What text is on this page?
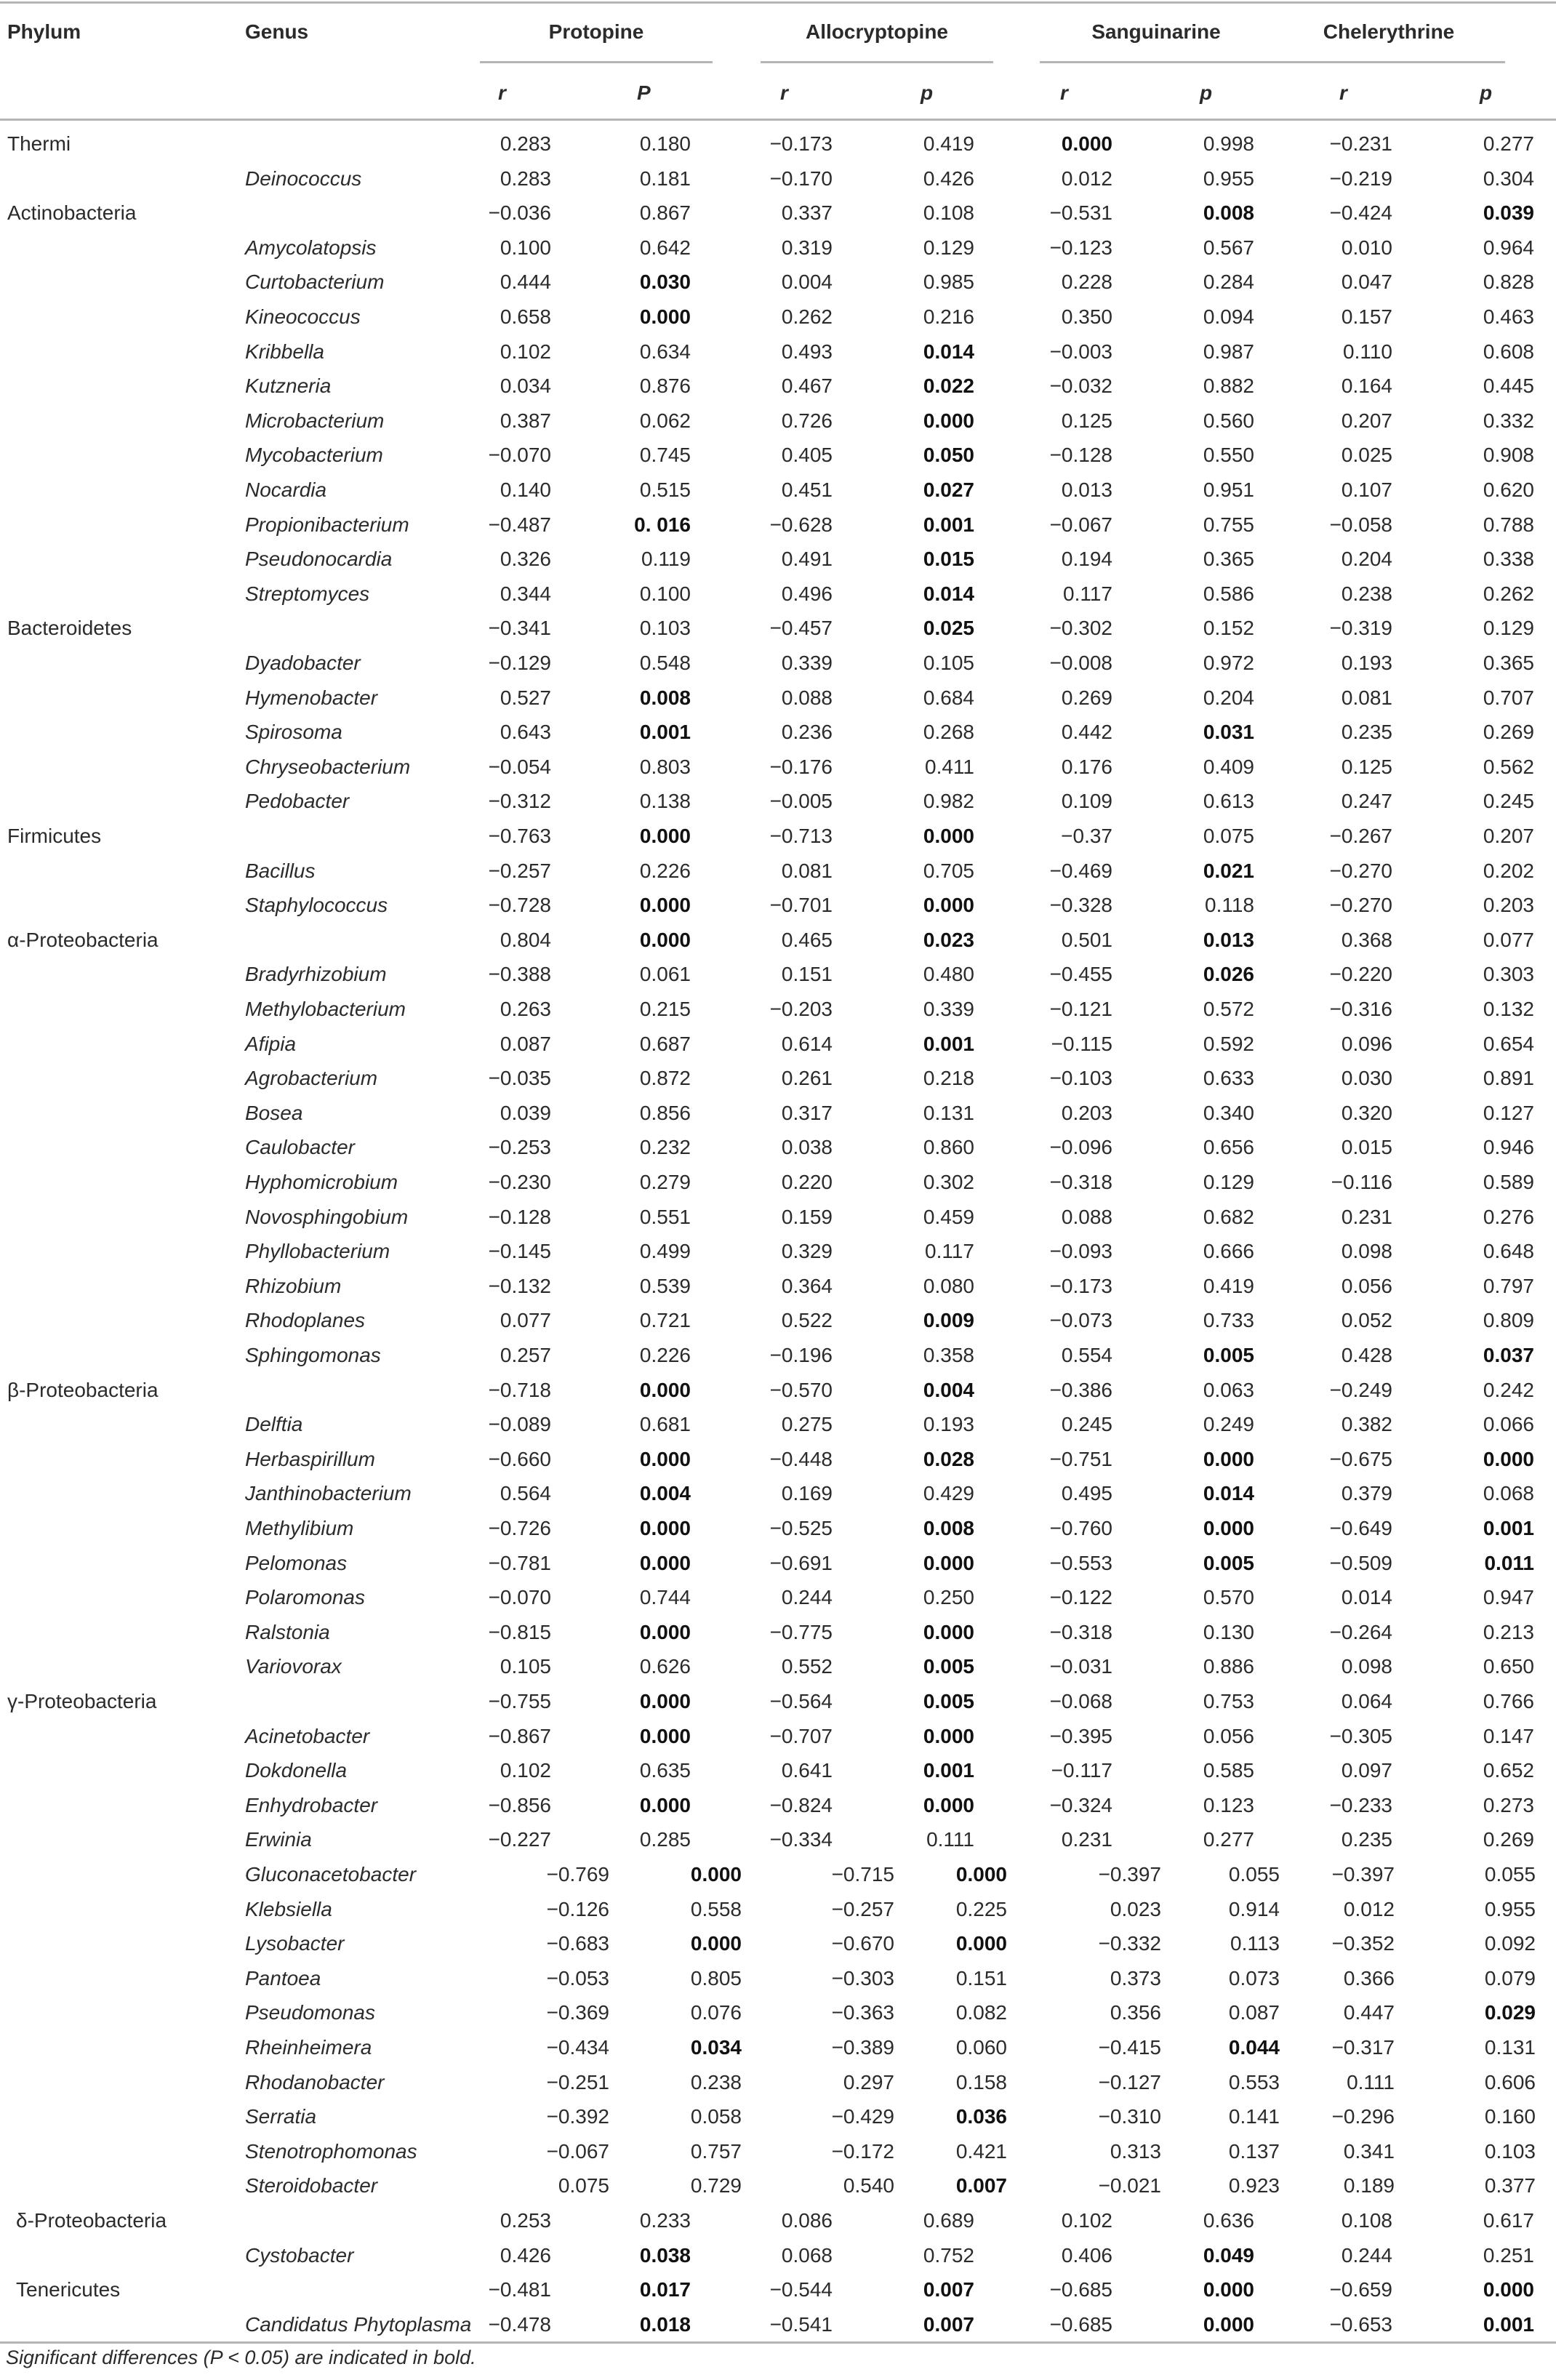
Phylum	Genus	Protopine	Allocryptopine	Sanguinarine	Chelerythrine
r	P	r	p	r	p	r	p
Thermi	0.283	0.180	−0.173	0.419	0.000	0.998	−0.231	0.277
Deinococcus	0.283	0.181	−0.170	0.426	0.012	0.955	−0.219	0.304
Actinobacteria	−0.036	0.867	0.337	0.108	−0.531	0.008	−0.424	0.039
Amycolatopsis	0.100	0.642	0.319	0.129	−0.123	0.567	0.010	0.964
Curtobacterium	0.444	0.030	0.004	0.985	0.228	0.284	0.047	0.828
Kineococcus	0.658	0.000	0.262	0.216	0.350	0.094	0.157	0.463
Kribbella	0.102	0.634	0.493	0.014	−0.003	0.987	0.110	0.608
Kutzneria	0.034	0.876	0.467	0.022	−0.032	0.882	0.164	0.445
Microbacterium	0.387	0.062	0.726	0.000	0.125	0.560	0.207	0.332
Mycobacterium	−0.070	0.745	0.405	0.050	−0.128	0.550	0.025	0.908
Nocardia	0.140	0.515	0.451	0.027	0.013	0.951	0.107	0.620
Propionibacterium	−0.487	0. 016	−0.628	0.001	−0.067	0.755	−0.058	0.788
Pseudonocardia	0.326	0.119	0.491	0.015	0.194	0.365	0.204	0.338
Streptomyces	0.344	0.100	0.496	0.014	0.117	0.586	0.238	0.262
Bacteroidetes	−0.341	0.103	−0.457	0.025	−0.302	0.152	−0.319	0.129
Dyadobacter	−0.129	0.548	0.339	0.105	−0.008	0.972	0.193	0.365
Hymenobacter	0.527	0.008	0.088	0.684	0.269	0.204	0.081	0.707
Spirosoma	0.643	0.001	0.236	0.268	0.442	0.031	0.235	0.269
Chryseobacterium	−0.054	0.803	−0.176	0.411	0.176	0.409	0.125	0.562
Pedobacter	−0.312	0.138	−0.005	0.982	0.109	0.613	0.247	0.245
Firmicutes	−0.763	0.000	−0.713	0.000	−0.37	0.075	−0.267	0.207
Bacillus	−0.257	0.226	0.081	0.705	−0.469	0.021	−0.270	0.202
Staphylococcus	−0.728	0.000	−0.701	0.000	−0.328	0.118	−0.270	0.203
α-Proteobacteria	0.804	0.000	0.465	0.023	0.501	0.013	0.368	0.077
Bradyrhizobium	−0.388	0.061	0.151	0.480	−0.455	0.026	−0.220	0.303
Methylobacterium	0.263	0.215	−0.203	0.339	−0.121	0.572	−0.316	0.132
Afipia	0.087	0.687	0.614	0.001	−0.115	0.592	0.096	0.654
Agrobacterium	−0.035	0.872	0.261	0.218	−0.103	0.633	0.030	0.891
Bosea	0.039	0.856	0.317	0.131	0.203	0.340	0.320	0.127
Caulobacter	−0.253	0.232	0.038	0.860	−0.096	0.656	0.015	0.946
Hyphomicrobium	−0.230	0.279	0.220	0.302	−0.318	0.129	−0.116	0.589
Novosphingobium	−0.128	0.551	0.159	0.459	0.088	0.682	0.231	0.276
Phyllobacterium	−0.145	0.499	0.329	0.117	−0.093	0.666	0.098	0.648
Rhizobium	−0.132	0.539	0.364	0.080	−0.173	0.419	0.056	0.797
Rhodoplanes	0.077	0.721	0.522	0.009	−0.073	0.733	0.052	0.809
Sphingomonas	0.257	0.226	−0.196	0.358	0.554	0.005	0.428	0.037
β-Proteobacteria	−0.718	0.000	−0.570	0.004	−0.386	0.063	−0.249	0.242
Delftia	−0.089	0.681	0.275	0.193	0.245	0.249	0.382	0.066
Herbaspirillum	−0.660	0.000	−0.448	0.028	−0.751	0.000	−0.675	0.000
Janthinobacterium	0.564	0.004	0.169	0.429	0.495	0.014	0.379	0.068
Methylibium	−0.726	0.000	−0.525	0.008	−0.760	0.000	−0.649	0.001
Pelomonas	−0.781	0.000	−0.691	0.000	−0.553	0.005	−0.509	0.011
Polaromonas	−0.070	0.744	0.244	0.250	−0.122	0.570	0.014	0.947
Ralstonia	−0.815	0.000	−0.775	0.000	−0.318	0.130	−0.264	0.213
Variovorax	0.105	0.626	0.552	0.005	−0.031	0.886	0.098	0.650
γ-Proteobacteria	−0.755	0.000	−0.564	0.005	−0.068	0.753	0.064	0.766
Acinetobacter	−0.867	0.000	−0.707	0.000	−0.395	0.056	−0.305	0.147
Dokdonella	0.102	0.635	0.641	0.001	−0.117	0.585	0.097	0.652
Enhydrobacter	−0.856	0.000	−0.824	0.000	−0.324	0.123	−0.233	0.273
Erwinia	−0.227	0.285	−0.334	0.111	0.231	0.277	0.235	0.269
Gluconacetobacter	−0.769	0.000	−0.715	0.000	−0.397	0.055	−0.397	0.055
Klebsiella	−0.126	0.558	−0.257	0.225	0.023	0.914	0.012	0.955
Lysobacter	−0.683	0.000	−0.670	0.000	−0.332	0.113	−0.352	0.092
Pantoea	−0.053	0.805	−0.303	0.151	0.373	0.073	0.366	0.079
Pseudomonas	−0.369	0.076	−0.363	0.082	0.356	0.087	0.447	0.029
Rheinheimera	−0.434	0.034	−0.389	0.060	−0.415	0.044	−0.317	0.131
Rhodanobacter	−0.251	0.238	0.297	0.158	−0.127	0.553	0.111	0.606
Serratia	−0.392	0.058	−0.429	0.036	−0.310	0.141	−0.296	0.160
Stenotrophomonas	−0.067	0.757	−0.172	0.421	0.313	0.137	0.341	0.103
Steroidobacter	0.075	0.729	0.540	0.007	−0.021	0.923	0.189	0.377
δ-Proteobacteria	0.253	0.233	0.086	0.689	0.102	0.636	0.108	0.617
Cystobacter	0.426	0.038	0.068	0.752	0.406	0.049	0.244	0.251
Tenericutes	−0.481	0.017	−0.544	0.007	−0.685	0.000	−0.659	0.000
Candidatus Phytoplasma −0.478	0.018	−0.541	0.007	−0.685	0.000	−0.653	0.001
Significant differences (P < 0.05) are indicated in bold.
